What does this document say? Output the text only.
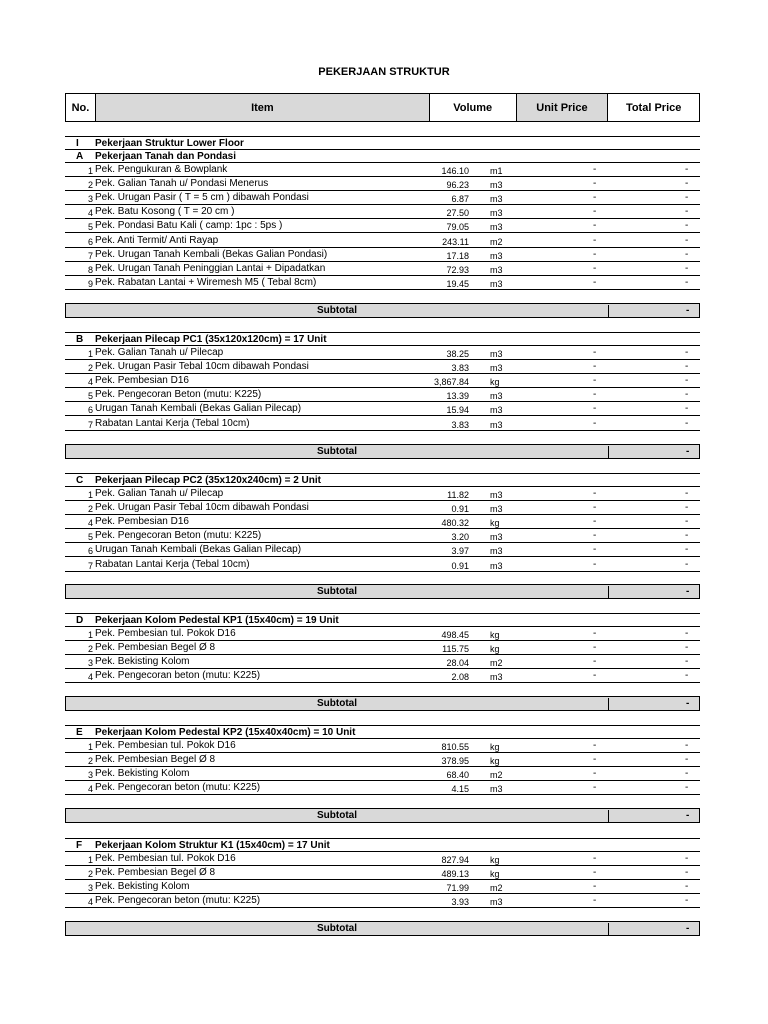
PEKERJAAN STRUKTUR
No.	Item	Volume	Unit Price	Total Price
I Pekerjaan Struktur Lower Floor
A Pekerjaan Tanah dan Pondasi
1 Pek. Pengukuran & Bowplank	146.10 m1	-	-
2 Pek. Galian Tanah u/ Pondasi Menerus	96.23 m3	-	-
3 Pek. Urugan Pasir ( T = 5 cm ) dibawah Pondasi	6.87 m3	-	-
4 Pek. Batu Kosong ( T = 20 cm )	27.50 m3	-	-
5 Pek. Pondasi Batu Kali ( camp: 1pc : 5ps )	79.05 m3	-	-
6 Pek. Anti Termit/ Anti Rayap	243.11 m2	-	-
7 Pek. Urugan Tanah Kembali (Bekas Galian Pondasi)	17.18 m3	-	-
8 Pek. Urugan Tanah Peninggian Lantai + Dipadatkan	72.93 m3	-	-
9 Pek. Rabatan Lantai + Wiremesh M5 ( Tebal 8cm)	19.45 m3	-	-
Subtotal	-
B Pekerjaan Pilecap PC1 (35x120x120cm) = 17 Unit
1 Pek. Galian Tanah u/ Pilecap	38.25 m3	-	-
2 Pek. Urugan Pasir Tebal 10cm dibawah Pondasi	3.83 m3	-	-
4 Pek. Pembesian D16	3,867.84 kg	-	-
5 Pek. Pengecoran Beton (mutu: K225)	13.39 m3	-	-
6 Urugan Tanah Kembali (Bekas Galian Pilecap)	15.94 m3	-	-
7 Rabatan Lantai Kerja (Tebal 10cm)	3.83 m3	-	-
Subtotal	-
C Pekerjaan Pilecap PC2 (35x120x240cm) = 2 Unit
1 Pek. Galian Tanah u/ Pilecap	11.82 m3	-	-
2 Pek. Urugan Pasir Tebal 10cm dibawah Pondasi	0.91 m3	-	-
4 Pek. Pembesian D16	480.32 kg	-	-
5 Pek. Pengecoran Beton (mutu: K225)	3.20 m3	-	-
6 Urugan Tanah Kembali (Bekas Galian Pilecap)	3.97 m3	-	-
7 Rabatan Lantai Kerja (Tebal 10cm)	0.91 m3	-	-
Subtotal	-
D Pekerjaan Kolom Pedestal KP1 (15x40cm) = 19 Unit
1 Pek. Pembesian tul. Pokok D16	498.45 kg	-	-
2 Pek. Pembesian Begel Ø 8	115.75 kg	-	-
3 Pek. Bekisting Kolom	28.04 m2	-	-
4 Pek. Pengecoran beton (mutu: K225)	2.08 m3	-	-
Subtotal	-
E Pekerjaan Kolom Pedestal KP2 (15x40x40cm) = 10 Unit
1 Pek. Pembesian tul. Pokok D16	810.55 kg	-	-
2 Pek. Pembesian Begel Ø 8	378.95 kg	-	-
3 Pek. Bekisting Kolom	68.40 m2	-	-
4 Pek. Pengecoran beton (mutu: K225)	4.15 m3	-	-
Subtotal	-
F Pekerjaan Kolom Struktur K1 (15x40cm) = 17 Unit
1 Pek. Pembesian tul. Pokok D16	827.94 kg	-	-
2 Pek. Pembesian Begel Ø 8	489.13 kg	-	-
3 Pek. Bekisting Kolom	71.99 m2	-	-
4 Pek. Pengecoran beton (mutu: K225)	3.93 m3	-	-
Subtotal	-
